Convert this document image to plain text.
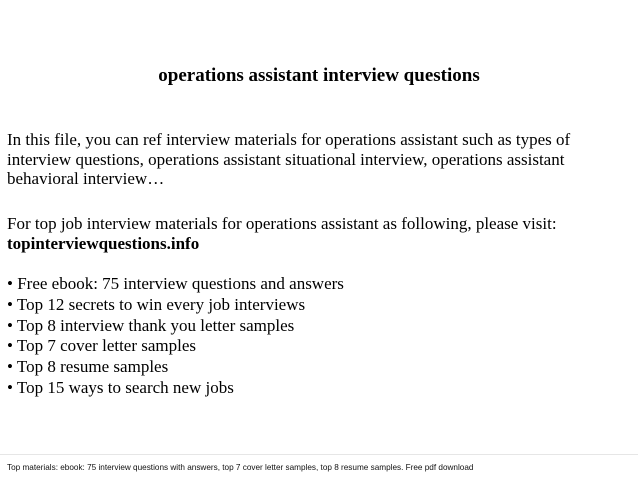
operations assistant interview questions

In this file, you can ref interview materials for operations assistant such as types of interview questions, operations assistant situational interview, operations assistant behavioral interview…

For top job interview materials for operations assistant as following, please visit:
topinterviewquestions.info

• Free ebook: 75 interview questions and answers
• Top 12 secrets to win every job interviews
• Top 8 interview thank you letter samples
• Top 7 cover letter samples
• Top 8 resume samples
• Top 15 ways to search new jobs
Top materials: ebook: 75 interview questions with answers, top 7 cover letter samples, top 8 resume samples. Free pdf download
